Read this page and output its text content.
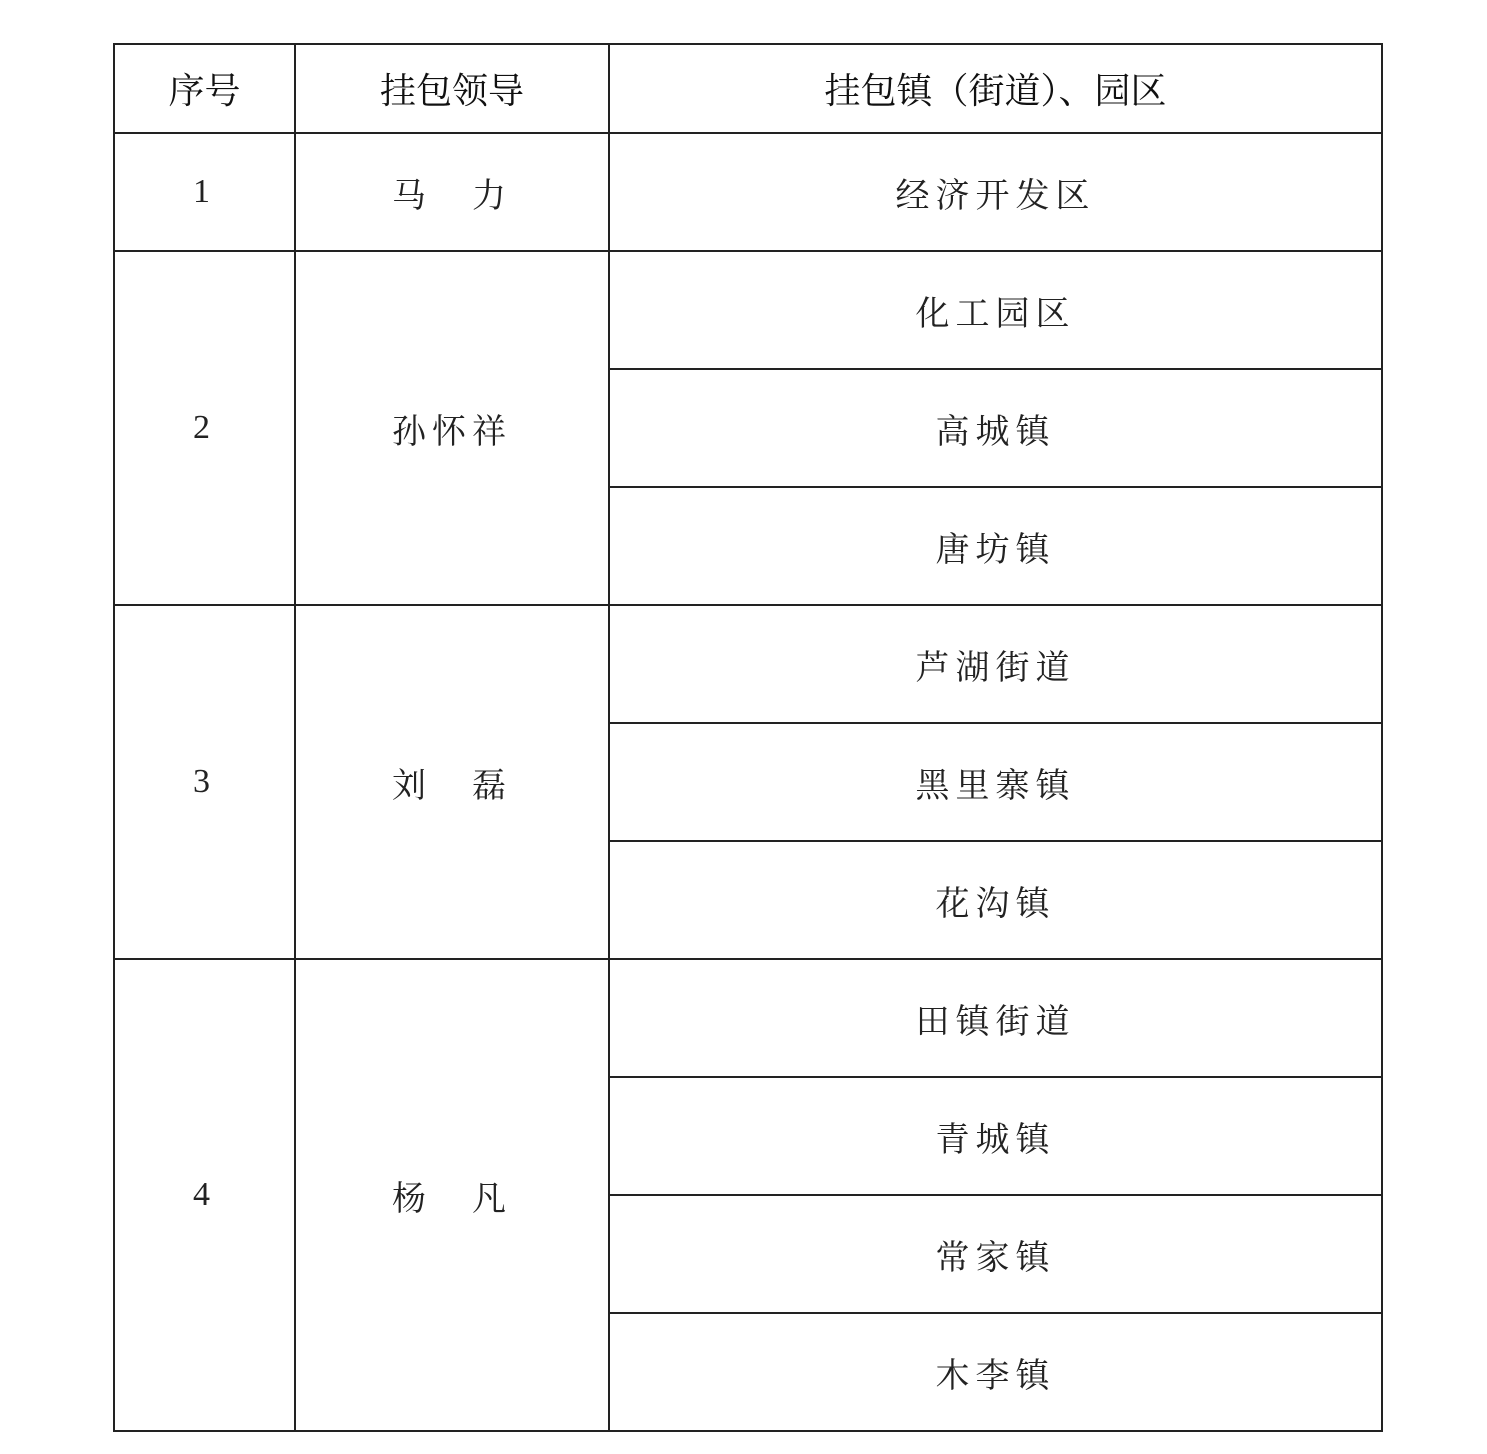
序号	挂包领导	挂包镇（街道）、园区
1	马　力	经济开发区
2	孙怀祥	化工园区
		高城镇
		唐坊镇
3	刘　磊	芦湖街道
		黑里寨镇
		花沟镇
4	杨　凡	田镇街道
		青城镇
		常家镇
		木李镇
